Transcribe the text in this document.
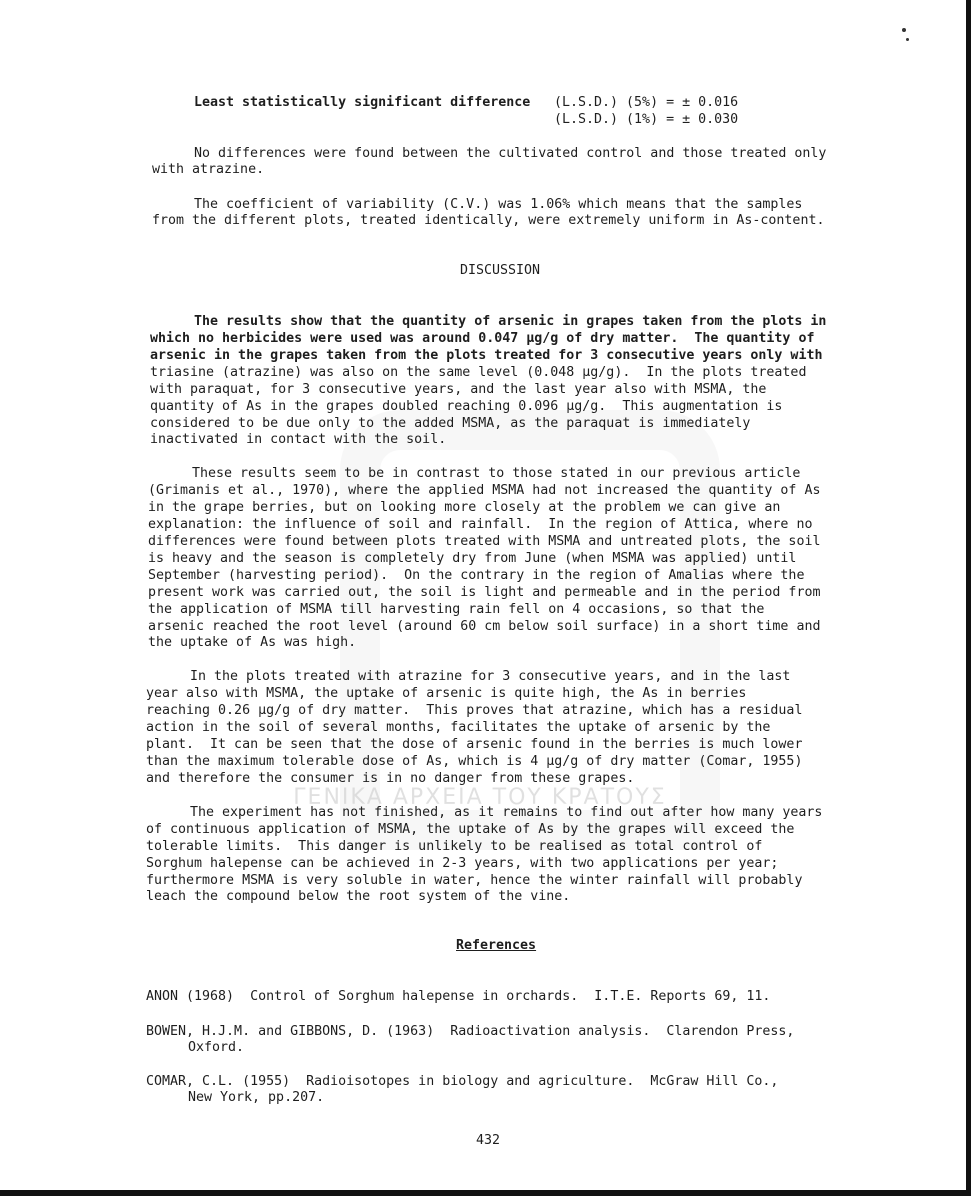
ΓΕΝΙΚΑ ΑΡΧΕΙΑ ΤΟΥ ΚΡΑΤΟΥΣ
Least statistically significant difference (L.S.D.) (5%) = ± 0.016
(L.S.D.) (1%) = ± 0.030
No differences were found between the cultivated control and those treated only
with atrazine.
The coefficient of variability (C.V.) was 1.06% which means that the samples
from the different plots, treated identically, were extremely uniform in As-content.
DISCUSSION
The results show that the quantity of arsenic in grapes taken from the plots in
which no herbicides were used was around 0.047 µg/g of dry matter.  The quantity of
arsenic in the grapes taken from the plots treated for 3 consecutive years only with
triasine (atrazine) was also on the same level (0.048 µg/g).  In the plots treated
with paraquat, for 3 consecutive years, and the last year also with MSMA, the
quantity of As in the grapes doubled reaching 0.096 µg/g.  This augmentation is
considered to be due only to the added MSMA, as the paraquat is immediately
inactivated in contact with the soil.
These results seem to be in contrast to those stated in our previous article
(Grimanis et al., 1970), where the applied MSMA had not increased the quantity of As
in the grape berries, but on looking more closely at the problem we can give an
explanation: the influence of soil and rainfall.  In the region of Attica, where no
differences were found between plots treated with MSMA and untreated plots, the soil
is heavy and the season is completely dry from June (when MSMA was applied) until
September (harvesting period).  On the contrary in the region of Amalias where the
present work was carried out, the soil is light and permeable and in the period from
the application of MSMA till harvesting rain fell on 4 occasions, so that the
arsenic reached the root level (around 60 cm below soil surface) in a short time and
the uptake of As was high.
In the plots treated with atrazine for 3 consecutive years, and in the last
year also with MSMA, the uptake of arsenic is quite high, the As in berries
reaching 0.26 µg/g of dry matter.  This proves that atrazine, which has a residual
action in the soil of several months, facilitates the uptake of arsenic by the
plant.  It can be seen that the dose of arsenic found in the berries is much lower
than the maximum tolerable dose of As, which is 4 µg/g of dry matter (Comar, 1955)
and therefore the consumer is in no danger from these grapes.
The experiment has not finished, as it remains to find out after how many years
of continuous application of MSMA, the uptake of As by the grapes will exceed the
tolerable limits.  This danger is unlikely to be realised as total control of
Sorghum halepense can be achieved in 2-3 years, with two applications per year;
furthermore MSMA is very soluble in water, hence the winter rainfall will probably
leach the compound below the root system of the vine.
References
ANON (1968)  Control of Sorghum halepense in orchards.  I.T.E. Reports 69, 11.
BOWEN, H.J.M. and GIBBONS, D. (1963)  Radioactivation analysis.  Clarendon Press,
Oxford.
COMAR, C.L. (1955)  Radioisotopes in biology and agriculture.  McGraw Hill Co.,
New York, pp.207.
432
